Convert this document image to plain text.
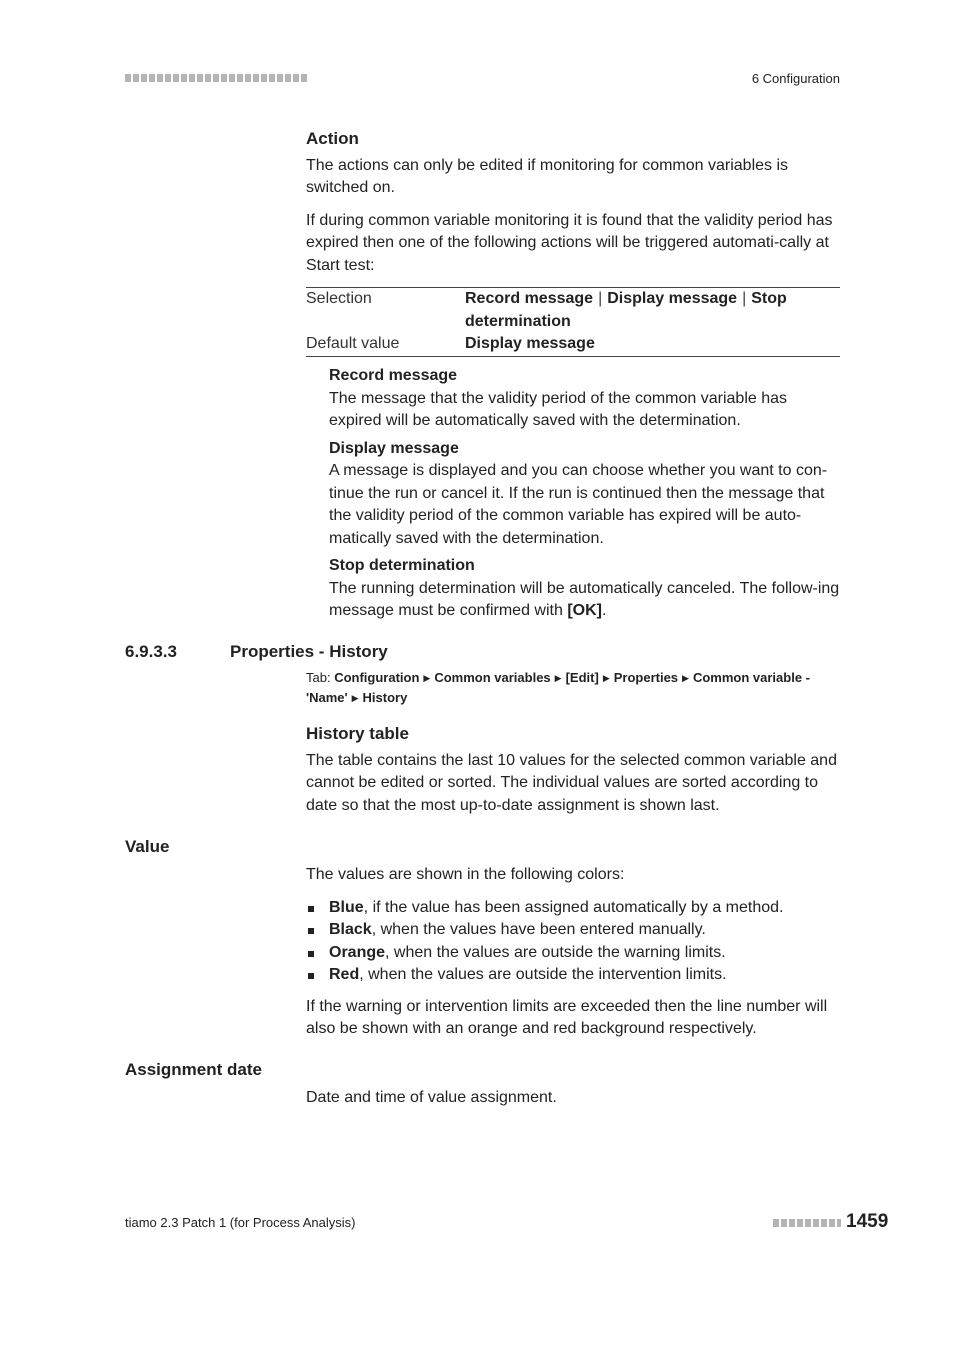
6 Configuration
Action

The actions can only be edited if monitoring for common variables is switched on.

If during common variable monitoring it is found that the validity period has expired then one of the following actions will be triggered automati-cally at Start test:

Selection	Record message | Display message | Stop determination
Default value	Display message
Record message

The message that the validity period of the common variable has expired will be automatically saved with the determination.

Display message

A message is displayed and you can choose whether you want to con-tinue the run or cancel it. If the run is continued then the message that the validity period of the common variable has expired will be auto-matically saved with the determination.

Stop determination

The running determination will be automatically canceled. The follow-ing message must be confirmed with [OK].

6.9.3.3	Properties - History
Tab: Configuration ▶ Common variables ▶ [Edit] ▶ Properties ▶ Common variable - 'Name' ▶ History
History table

The table contains the last 10 values for the selected common variable and cannot be edited or sorted. The individual values are sorted according to date so that the most up-to-date assignment is shown last.

Value

The values are shown in the following colors:

Blue, if the value has been assigned automatically by a method.
Black, when the values have been entered manually.
Orange, when the values are outside the warning limits.
Red, when the values are outside the intervention limits.

If the warning or intervention limits are exceeded then the line number will also be shown with an orange and red background respectively.

Assignment date
Date and time of value assignment.
tiamo 2.3 Patch 1 (for Process Analysis)	1459
